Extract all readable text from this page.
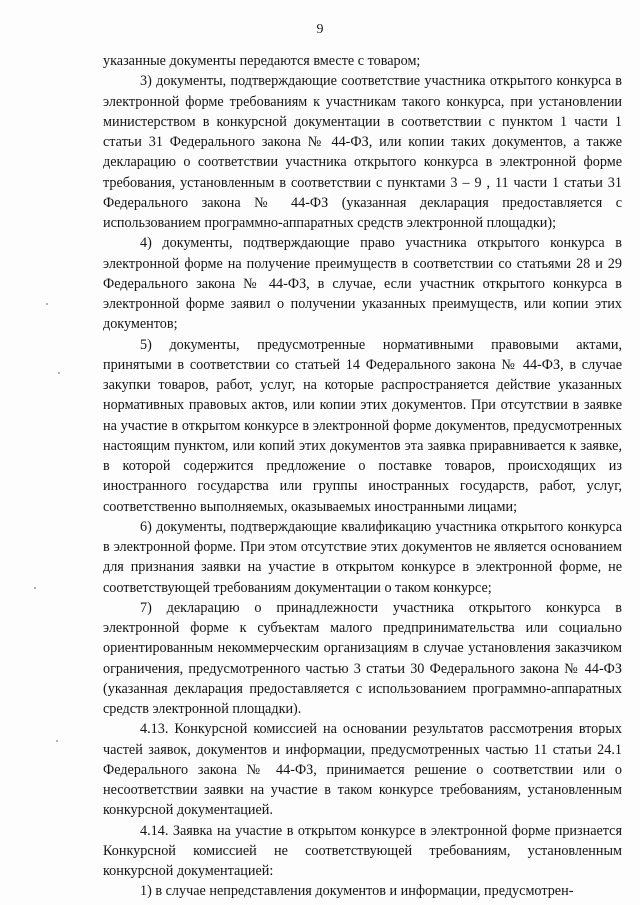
9

указанные документы передаются вместе с товаром;

3) документы, подтверждающие соответствие участника открытого конкурса в электронной форме требованиям к участникам такого конкурса, при установлении министерством в конкурсной документации в соответствии с пунктом 1 части 1 статьи 31 Федерального закона № 44-ФЗ, или копии таких документов, а также декларацию о соответствии участника открытого конкурса в электронной форме требования, установленным в соответствии с пунктами 3 – 9 , 11 части 1 статьи 31 Федерального закона № 44-ФЗ (указанная декларация предоставляется с использованием программно-аппаратных средств электронной площадки);

4) документы, подтверждающие право участника открытого конкурса в электронной форме на получение преимуществ в соответствии со статьями 28 и 29 Федерального закона № 44-ФЗ, в случае, если участник открытого конкурса в электронной форме заявил о получении указанных преимуществ, или копии этих документов;

5) документы, предусмотренные нормативными правовыми актами, принятыми в соответствии со статьей 14 Федерального закона № 44-ФЗ, в случае закупки товаров, работ, услуг, на которые распространяется действие указанных нормативных правовых актов, или копии этих документов. При отсутствии в заявке на участие в открытом конкурсе в электронной форме документов, предусмотренных настоящим пунктом, или копий этих документов эта заявка приравнивается к заявке, в которой содержится предложение о поставке товаров, происходящих из иностранного государства или группы иностранных государств, работ, услуг, соответственно выполняемых, оказываемых иностранными лицами;

6) документы, подтверждающие квалификацию участника открытого конкурса в электронной форме. При этом отсутствие этих документов не является основанием для признания заявки на участие в открытом конкурсе в электронной форме, не соответствующей требованиям документации о таком конкурсе;

7) декларацию о принадлежности участника открытого конкурса в электронной форме к субъектам малого предпринимательства или социально ориентированным некоммерческим организациям в случае установления заказчиком ограничения, предусмотренного частью 3 статьи 30 Федерального закона № 44-ФЗ (указанная декларация предоставляется с использованием программно-аппаратных средств электронной площадки).

4.13. Конкурсной комиссией на основании результатов рассмотрения вторых частей заявок, документов и информации, предусмотренных частью 11 статьи 24.1 Федерального закона № 44-ФЗ, принимается решение о соответствии или о несоответствии заявки на участие в таком конкурсе требованиям, установленным конкурсной документацией.

4.14. Заявка на участие в открытом конкурсе в электронной форме признается Конкурсной комиссией не соответствующей требованиям, установленным конкурсной документацией:

1) в случае непредставления документов и информации, предусмотрен-
